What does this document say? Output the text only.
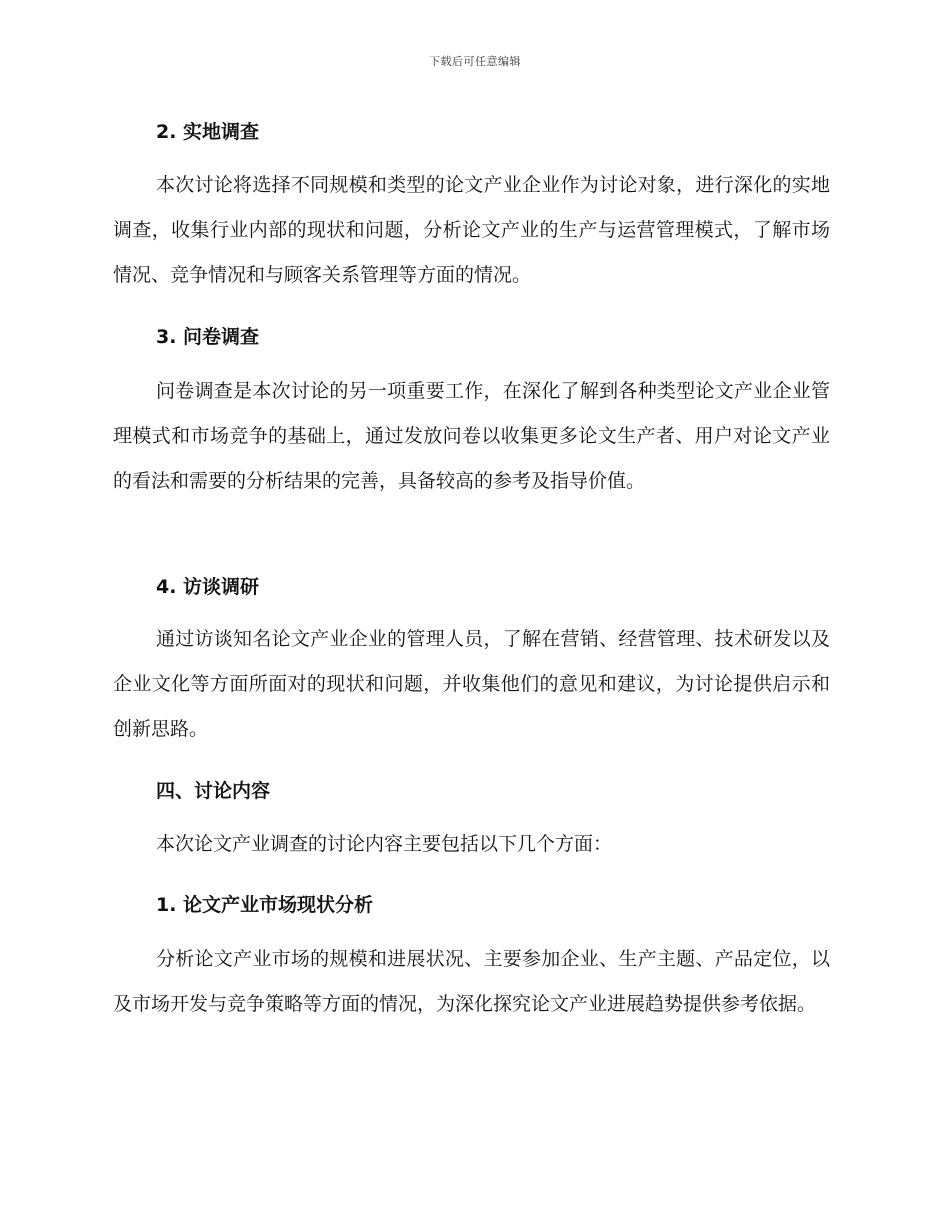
下载后可任意编辑
2. 实地调查
本次讨论将选择不同规模和类型的论文产业企业作为讨论对象，进行深化的实地调查，收集行业内部的现状和问题，分析论文产业的生产与运营管理模式，了解市场情况、竞争情况和与顾客关系管理等方面的情况。
3. 问卷调查
问卷调查是本次讨论的另一项重要工作，在深化了解到各种类型论文产业企业管理模式和市场竞争的基础上，通过发放问卷以收集更多论文生产者、用户对论文产业的看法和需要的分析结果的完善，具备较高的参考及指导价值。
4. 访谈调研
通过访谈知名论文产业企业的管理人员，了解在营销、经营管理、技术研发以及企业文化等方面所面对的现状和问题，并收集他们的意见和建议，为讨论提供启示和创新思路。
四、讨论内容
本次论文产业调查的讨论内容主要包括以下几个方面：
1. 论文产业市场现状分析
分析论文产业市场的规模和进展状况、主要参加企业、生产主题、产品定位，以及市场开发与竞争策略等方面的情况，为深化探究论文产业进展趋势提供参考依据。
